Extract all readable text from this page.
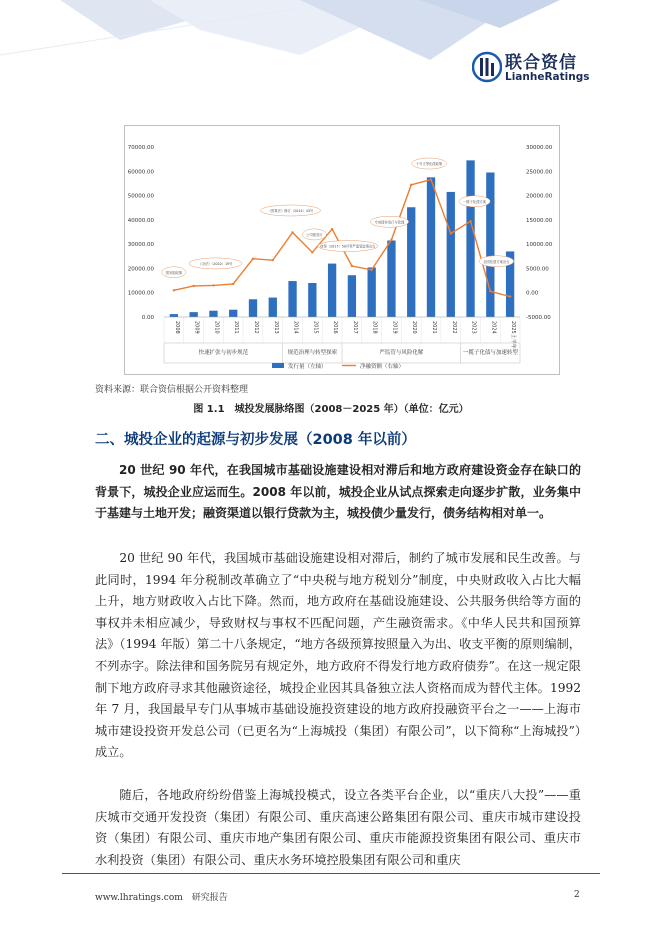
联合资信
LianheRatings
国务院政策
《办法》（2010）19号
《预算法》修订（2014）43号
公司债发行
财预（2017）50号等严监管政策出台
专项债券发行与管理
十号文等化债政策
一揽子化债方案
全国化债方案出台
0.00
10000.00
20000.00
30000.00
40000.00
50000.00
60000.00
70000.00
-5000.00
0.00
5000.00
10000.00
15000.00
20000.00
25000.00
30000.00
2008	2009	2010	2011	2012	2013	2014	2015	2016	2017	2018	2019	2020	2021	2022	2023	2024	2025上半年
快速扩张与初步规范	规范治理与转型探索	严监管与风险化解	一揽子化债与加速转型
发行量（左轴）	净融资额（右轴）
资料来源：联合资信根据公开资料整理
图 1.1　城投发展脉络图（2008－2025 年）（单位：亿元）
二、城投企业的起源与初步发展（2008 年以前）

20 世纪 90 年代，在我国城市基础设施建设相对滞后和地方政府建设资金存在缺口的背景下，城投企业应运而生。2008 年以前，城投企业从试点探索走向逐步扩散，业务集中于基建与土地开发；融资渠道以银行贷款为主，城投债少量发行，债务结构相对单一。

20 世纪 90 年代，我国城市基础设施建设相对滞后，制约了城市发展和民生改善。与此同时，1994 年分税制改革确立了“中央税与地方税划分”制度，中央财政收入占比大幅上升，地方财政收入占比下降。然而，地方政府在基础设施建设、公共服务供给等方面的事权并未相应减少，导致财权与事权不匹配问题，产生融资需求。《中华人民共和国预算法》（1994 年版）第二十八条规定，“地方各级预算按照量入为出、收支平衡的原则编制，不列赤字。除法律和国务院另有规定外，地方政府不得发行地方政府债券”。在这一规定限制下地方政府寻求其他融资途径，城投企业因其具备独立法人资格而成为替代主体。1992 年 7 月，我国最早专门从事城市基础设施投资建设的地方政府投融资平台之一——上海市城市建设投资开发总公司（已更名为“上海城投（集团）有限公司”，以下简称“上海城投”）成立。

随后，各地政府纷纷借鉴上海城投模式，设立各类平台企业，以“重庆八大投”——重庆城市交通开发投资（集团）有限公司、重庆高速公路集团有限公司、重庆市城市建设投资（集团）有限公司、重庆市地产集团有限公司、重庆市能源投资集团有限公司、重庆市水利投资（集团）有限公司、重庆水务环境控股集团有限公司和重庆

www.lhratings.com　研究报告	2
